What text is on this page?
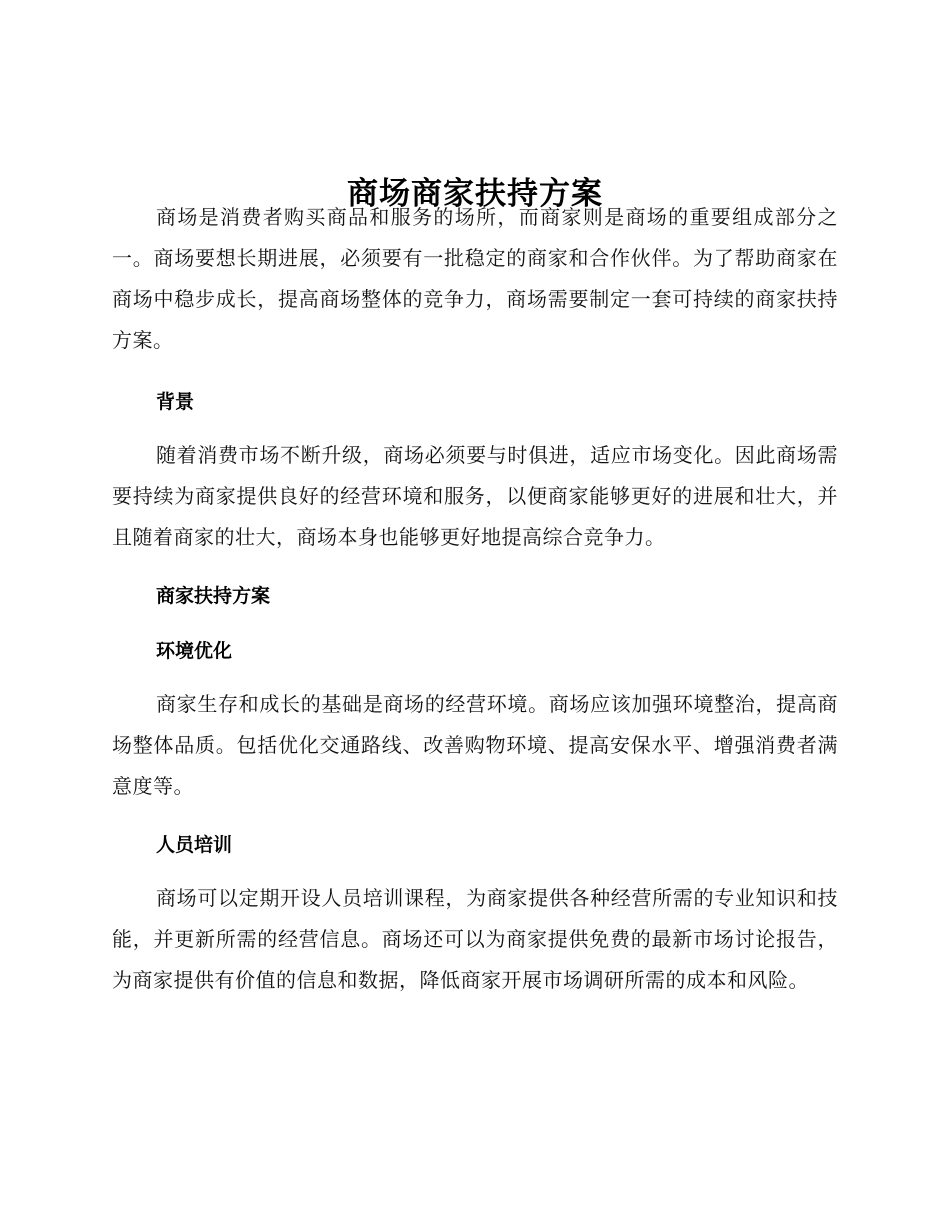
商场商家扶持方案

商场是消费者购买商品和服务的场所，而商家则是商场的重要组成部分之一。商场要想长期进展，必须要有一批稳定的商家和合作伙伴。为了帮助商家在商场中稳步成长，提高商场整体的竞争力，商场需要制定一套可持续的商家扶持方案。

背景

随着消费市场不断升级，商场必须要与时俱进，适应市场变化。因此商场需要持续为商家提供良好的经营环境和服务，以便商家能够更好的进展和壮大，并且随着商家的壮大，商场本身也能够更好地提高综合竞争力。

商家扶持方案
环境优化

商家生存和成长的基础是商场的经营环境。商场应该加强环境整治，提高商场整体品质。包括优化交通路线、改善购物环境、提高安保水平、增强消费者满意度等。

人员培训

商场可以定期开设人员培训课程，为商家提供各种经营所需的专业知识和技能，并更新所需的经营信息。商场还可以为商家提供免费的最新市场讨论报告，为商家提供有价值的信息和数据，降低商家开展市场调研所需的成本和风险。
